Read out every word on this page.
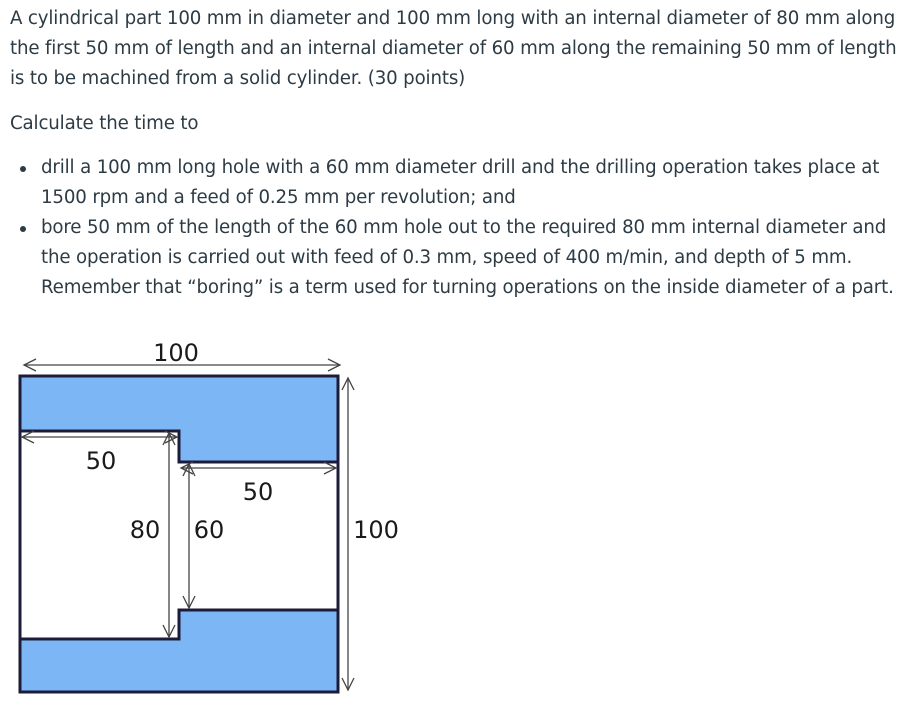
A cylindrical part 100 mm in diameter and 100 mm long with an internal diameter of 80 mm along the first 50 mm of length and an internal diameter of 60 mm along the remaining 50 mm of length is to be machined from a solid cylinder. (30 points)

Calculate the time to

drill a 100 mm long hole with a 60 mm diameter drill and the drilling operation takes place at 1500 rpm and a feed of 0.25 mm per revolution; and
bore 50 mm of the length of the 60 mm hole out to the required 80 mm internal diameter and the operation is carried out with feed of 0.3 mm, speed of 400 m/min, and depth of 5 mm. Remember that “boring” is a term used for turning operations on the inside diameter of a part.
100
50
50
80 60	100
